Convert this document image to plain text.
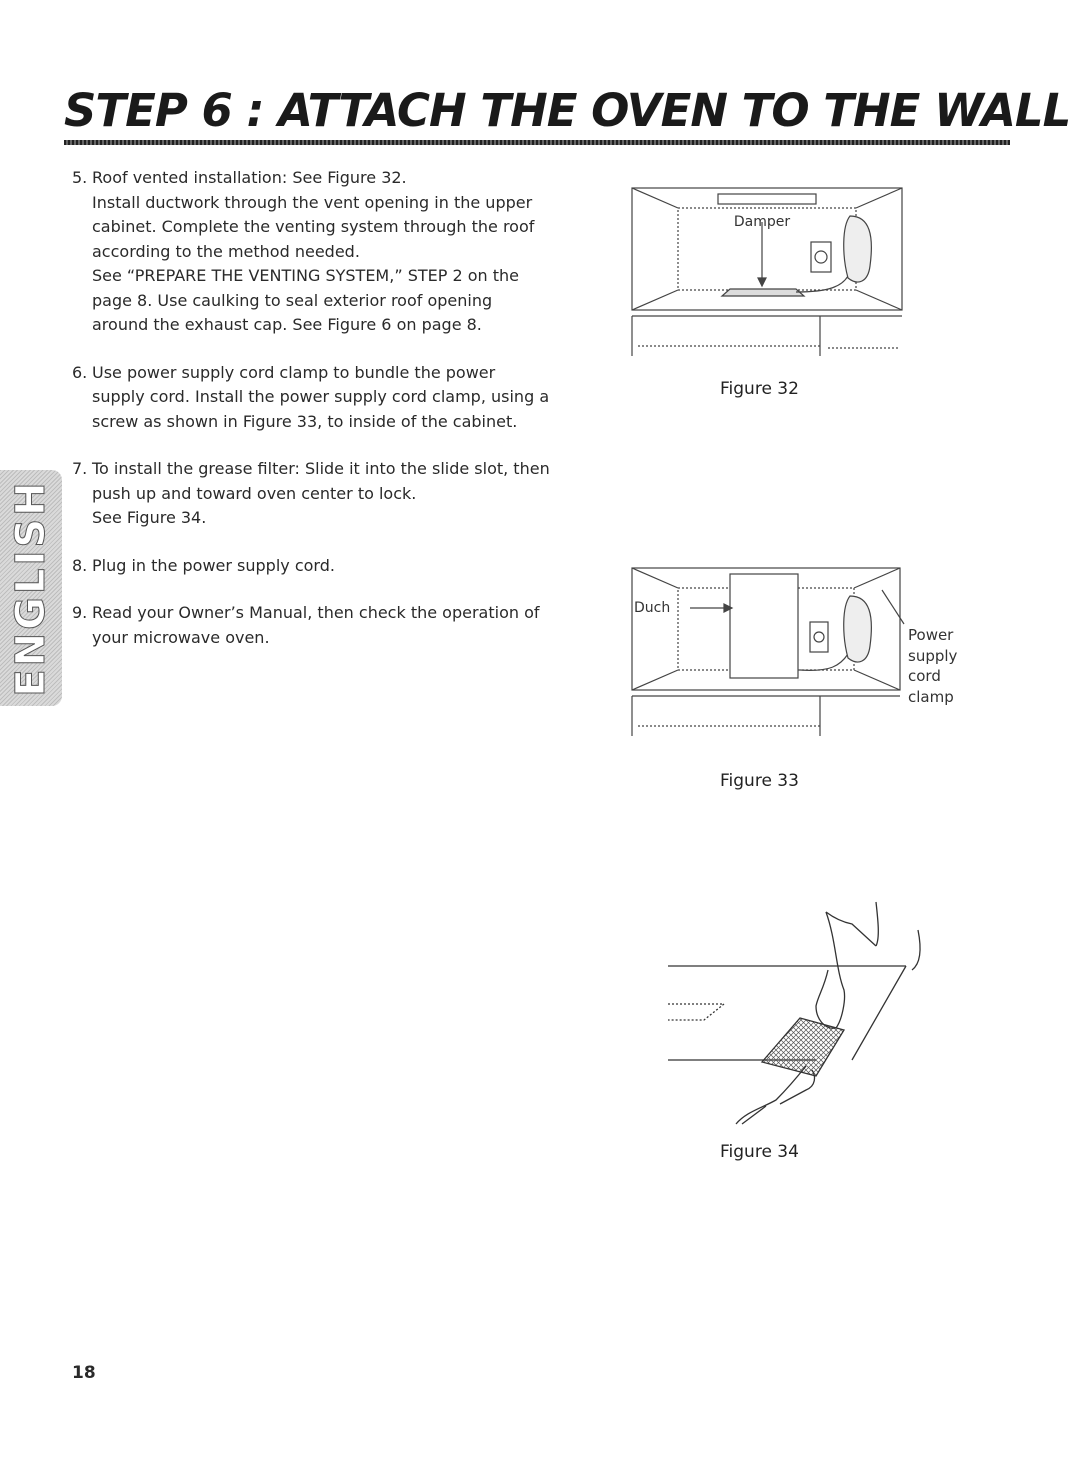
STEP 6 : ATTACH THE OVEN TO THE WALL
5. Roof vented installation: See Figure 32.

Install ductwork through the vent opening in the upper cabinet. Complete the venting system through the roof according to the method needed.

See “PREPARE THE VENTING SYSTEM,” STEP 2 on the page 8. Use caulking to seal exterior roof opening around the exhaust cap. See Figure 6 on page 8.

6. Use power supply cord clamp to bundle the power supply cord. Install the power supply cord clamp, using a screw as shown in Figure 33, to inside of the cabinet.

7. To install the grease filter: Slide it into the slide slot, then push up and toward oven center to lock.

See Figure 34.

8. Plug in the power supply cord.

9. Read your Owner’s Manual, then check the operation of your microwave oven.

Damper
Figure 32
Duch
Power
supply
cord
clamp
Figure 33
Figure 34
ENGLISH
18
